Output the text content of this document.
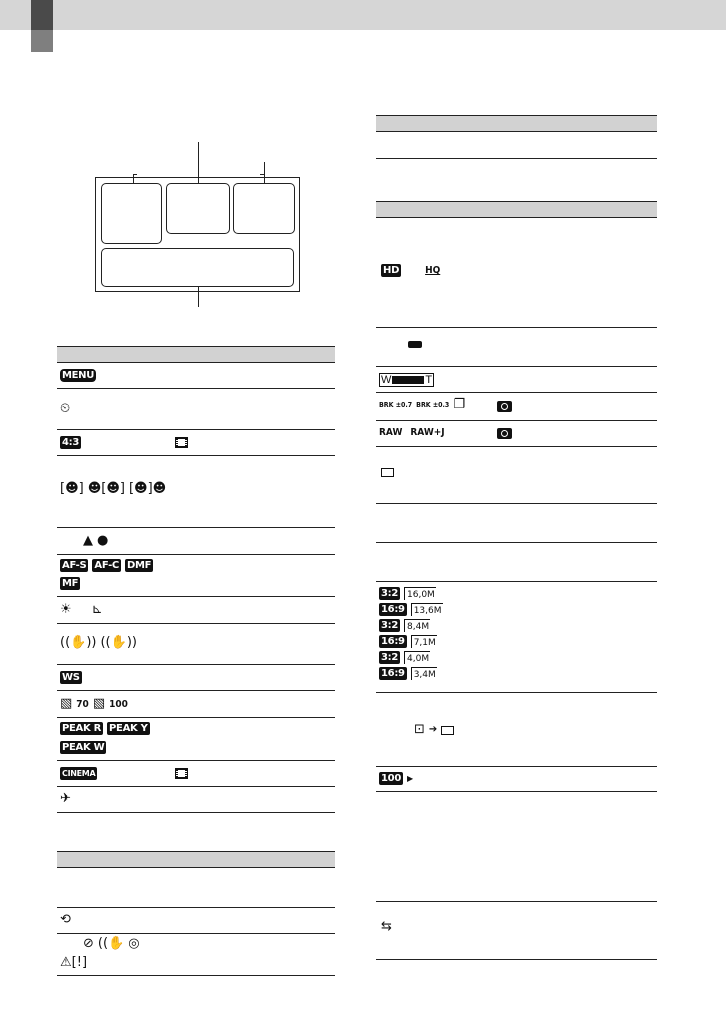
MENU
⏲
4:3
[☻] ☻[☻] [☻]☻
▲ ●
AF-S AF-C DMF
MF
☀ ⊾
((✋)) ((✋))
WS
▧ 70 ▧ 100
PEAK R PEAK Y
PEAK W
CINEMA
✈
⟲
⊘ ((✋ ◎
⚠[!]
HD	HQ
W	T
BRK ±0.7 BRK ±0.3 ❐
RAW RAW+J
3:2	16,0M
16:9	13,6M
3:2	8,4M
16:9	7,1M
3:2	4,0M
16:9	3,4M
⊡ ➔
100 ▶
⇆
